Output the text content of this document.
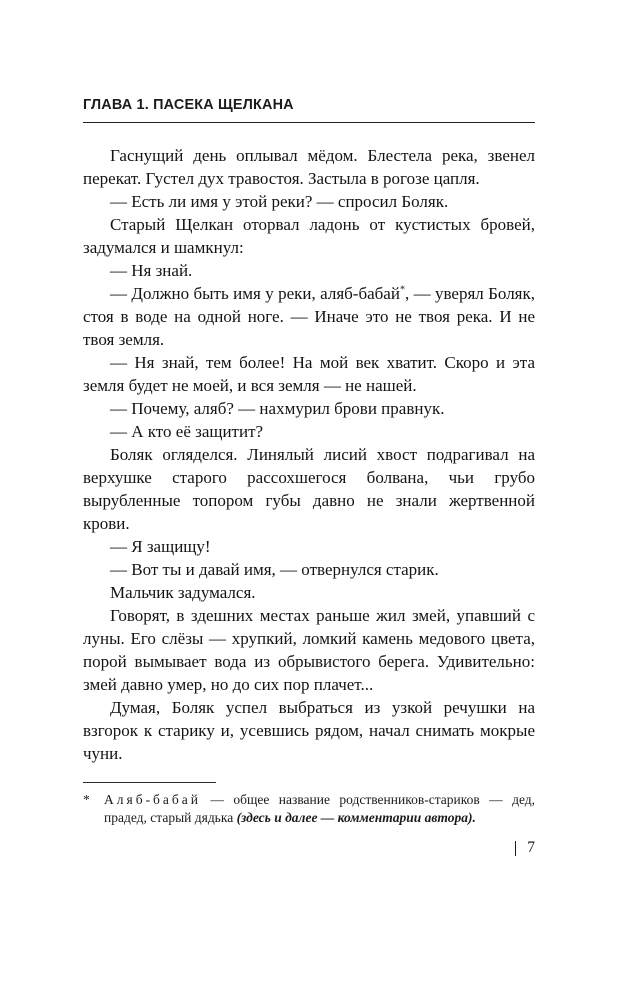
ГЛАВА 1. ПАСЕКА ЩЕЛКАНА

Гаснущий день оплывал мёдом. Блестела река, звенел перекат. Густел дух травостоя. Застыла в рогозе цапля.

— Есть ли имя у этой реки? — спросил Боляк.

Старый Щелкан оторвал ладонь от кустистых бровей, задумался и шамкнул:

— Ня знай.

— Должно быть имя у реки, аляб-бабай*, — уверял Боляк, стоя в воде на одной ноге. — Иначе это не твоя река. И не твоя земля.

— Ня знай, тем более! На мой век хватит. Скоро и эта земля будет не моей, и вся земля — не нашей.

— Почему, аляб? — нахмурил брови правнук.

— А кто её защитит?

Боляк огляделся. Линялый лисий хвост подрагивал на верхушке старого рассохшегося болвана, чьи грубо вырубленные топором губы давно не знали жертвенной крови.

— Я защищу!

— Вот ты и давай имя, — отвернулся старик.

Мальчик задумался.

Говорят, в здешних местах раньше жил змей, упавший с луны. Его слёзы — хрупкий, ломкий камень медового цвета, порой вымывает вода из обрывистого берега. Удивительно: змей давно умер, но до сих пор плачет...

Думая, Боляк успел выбраться из узкой речушки на взгорок к старику и, усевшись рядом, начал снимать мокрые чуни.

*	Аляб-бабай — общее название родственников-стариков — дед, прадед, старый дядька (здесь и далее — комментарии автора).
7
